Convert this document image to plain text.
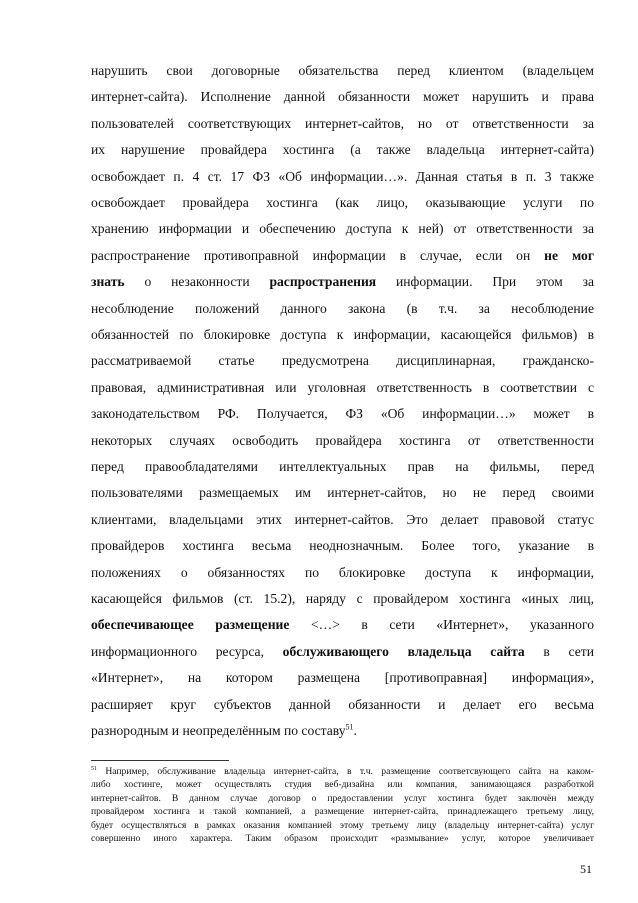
нарушить свои договорные обязательства перед клиентом (владельцем
интернет-сайта). Исполнение данной обязанности может нарушить и права
пользователей соответствующих интернет-сайтов, но от ответственности за
их нарушение провайдера хостинга (а также владельца интернет-сайта)
освобождает п. 4 ст. 17 ФЗ «Об информации…». Данная статья в п. 3 также
освобождает провайдера хостинга (как лицо, оказывающие услуги по
хранению информации и обеспечению доступа к ней) от ответственности за
распространение противоправной информации в случае, если он не мог
знать о незаконности распространения информации. При этом за
несоблюдение положений данного закона (в т.ч. за несоблюдение
обязанностей по блокировке доступа к информации, касающейся фильмов) в
рассматриваемой статье предусмотрена дисциплинарная, гражданско-
правовая, административная или уголовная ответственность в соответствии с
законодательством РФ. Получается, ФЗ «Об информации…» может в
некоторых случаях освободить провайдера хостинга от ответственности
перед правообладателями интеллектуальных прав на фильмы, перед
пользователями размещаемых им интернет-сайтов, но не перед своими
клиентами, владельцами этих интернет-сайтов. Это делает правовой статус
провайдеров хостинга весьма неоднозначным. Более того, указание в
положениях о обязанностях по блокировке доступа к информации,
касающейся фильмов (ст. 15.2), наряду с провайдером хостинга «иных лиц,
обеспечивающее размещение <…> в сети «Интернет», указанного
информационного ресурса, обслуживающего владельца сайта в сети
«Интернет», на котором размещена [противоправная] информация»,
расширяет круг субъектов данной обязанности и делает его весьма
разнородным и неопределённым по составу$^{51}$.
$^{51}$ Например, обслуживание владельца интернет-сайта, в т.ч. размещение соответсвующего сайта на каком-
либо хостинге, может осуществлять студия веб-дизайна или компания, занимающаяся разработкой
интернет-сайтов. В данном случае договор о предоставлении услуг хостинга будет заключён между
провайдером хостинга и такой компанией, а размещение интернет-сайта, принадлежащего третьему лицу,
будет осуществляться в рамках оказания компанией этому третьему лицу (владельцу интернет-сайта) услуг
совершенно иного характера. Таким образом происходит «размывание» услуг, которое увеличивает
51
